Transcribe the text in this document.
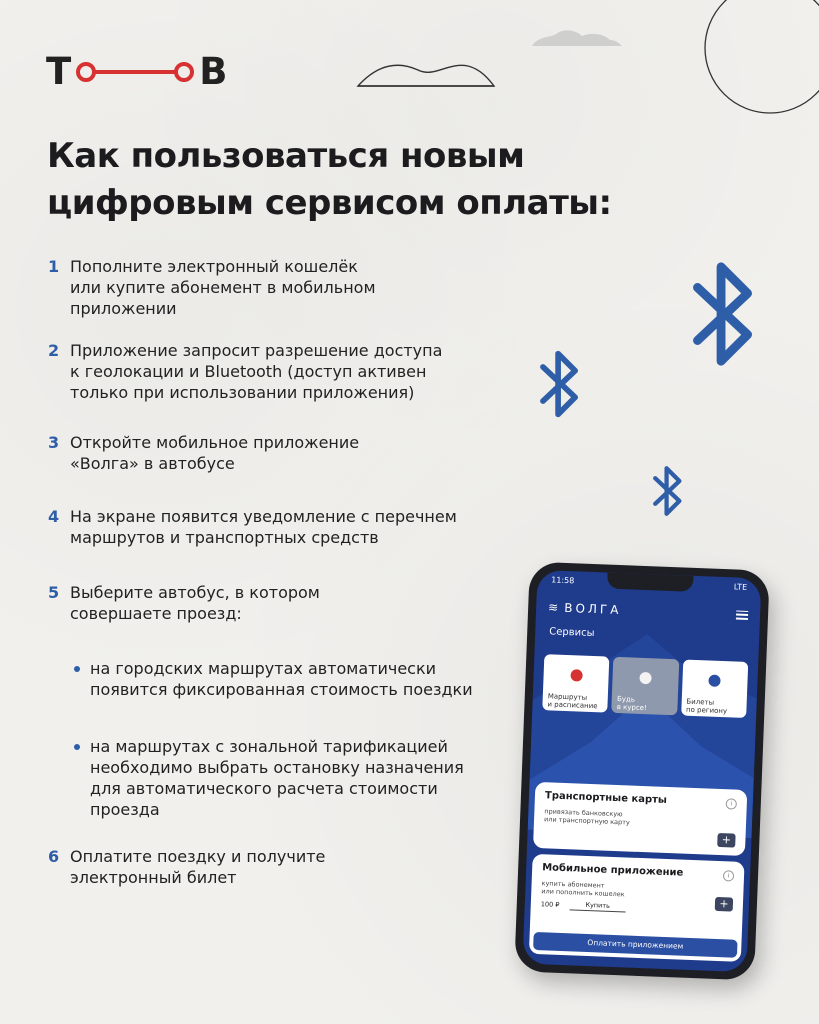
Т	В
Как пользоваться новым цифровым сервисом оплаты:
1 Пополните электронный кошелёк
или купите абонемент в мобильном
приложении
2 Приложение запросит разрешение доступа
к геолокации и Bluetooth (доступ активен
только при использовании приложения)
3 Откройте мобильное приложение
«Волга» в автобусе
4 На экране появится уведомление с перечнем
маршрутов и транспортных средств
5 Выберите автобус, в котором
совершаете проезд:
на городских маршрутах автоматически
появится фиксированная стоимость поездки
на маршрутах с зональной тарификацией
необходимо выбрать остановку назначения
для автоматического расчета стоимости
проезда
6 Оплатите поездку и получите
электронный билет
11:58
LTE
≋ ВОЛГА
Сервисы

Маршруты
и расписание

Будь
в курсе!

Билеты
по региону

Транспортные карты
привязать банковскую
или транспортную карту
i
+
Мобильное приложение
купить абонемент
или пополнить кошелек
i
+
100 ₽	Купить
Оплатить приложением
